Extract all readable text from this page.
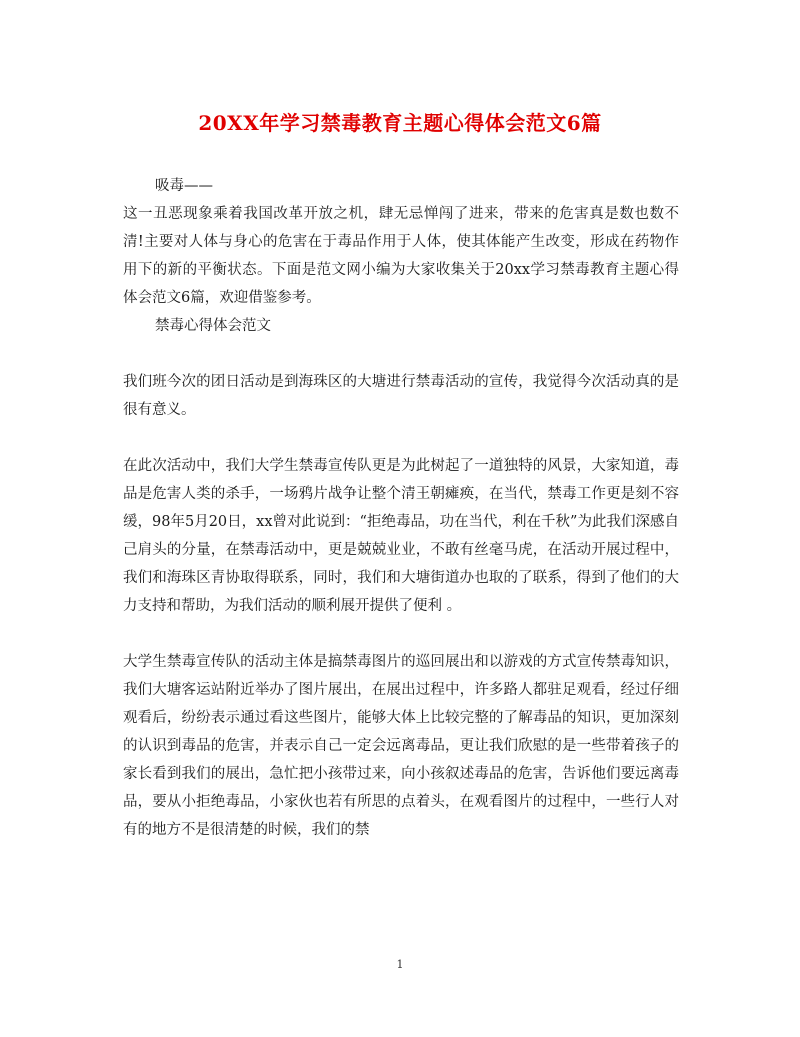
20XX年学习禁毒教育主题心得体会范文6篇

吸毒——

这一丑恶现象乘着我国改革开放之机，肆无忌惮闯了进来，带来的危害真是数也数不清!主要对人体与身心的危害在于毒品作用于人体，使其体能产生改变，形成在药物作用下的新的平衡状态。下面是范文网小编为大家收集关于20xx学习禁毒教育主题心得体会范文6篇，欢迎借鉴参考。

禁毒心得体会范文

我们班今次的团日活动是到海珠区的大塘进行禁毒活动的宣传，我觉得今次活动真的是很有意义。

在此次活动中，我们大学生禁毒宣传队更是为此树起了一道独特的风景，大家知道，毒品是危害人类的杀手，一场鸦片战争让整个清王朝瘫痪，在当代，禁毒工作更是刻不容缓，98年5月20日，xx曾对此说到：“拒绝毒品，功在当代，利在千秋”为此我们深感自己肩头的分量，在禁毒活动中，更是兢兢业业，不敢有丝毫马虎，在活动开展过程中，我们和海珠区青协取得联系，同时，我们和大塘街道办也取的了联系，得到了他们的大力支持和帮助，为我们活动的顺利展开提供了便利 。

大学生禁毒宣传队的活动主体是搞禁毒图片的巡回展出和以游戏的方式宣传禁毒知识，我们大塘客运站附近举办了图片展出，在展出过程中，许多路人都驻足观看，经过仔细观看后，纷纷表示通过看这些图片，能够大体上比较完整的了解毒品的知识，更加深刻的认识到毒品的危害，并表示自己一定会远离毒品，更让我们欣慰的是一些带着孩子的家长看到我们的展出，急忙把小孩带过来，向小孩叙述毒品的危害，告诉他们要远离毒品，要从小拒绝毒品，小家伙也若有所思的点着头，在观看图片的过程中，一些行人对有的地方不是很清楚的时候，我们的禁

1
